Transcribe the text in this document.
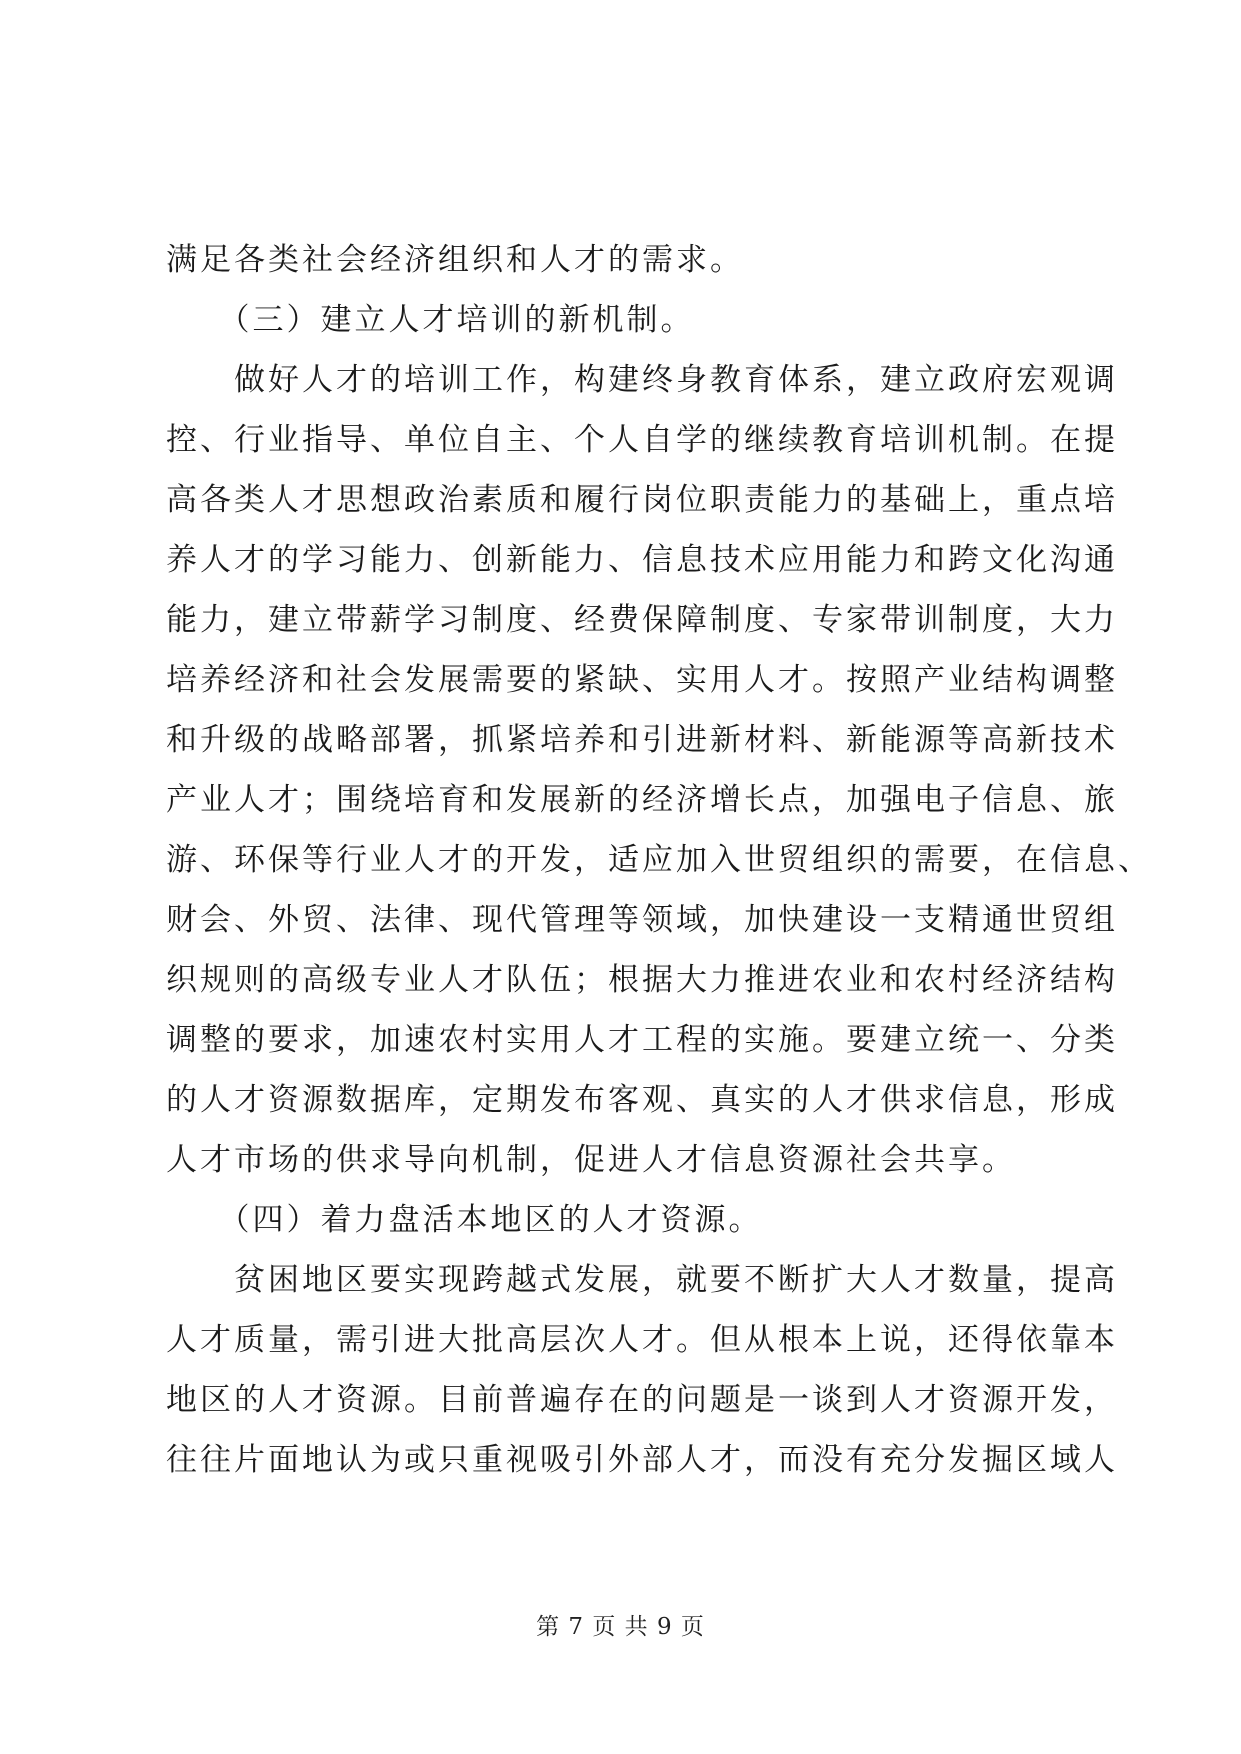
满足各类社会经济组织和人才的需求。
　　（三）建立人才培训的新机制。
　　做好人才的培训工作，构建终身教育体系，建立政府宏观调
控、行业指导、单位自主、个人自学的继续教育培训机制。在提
高各类人才思想政治素质和履行岗位职责能力的基础上，重点培
养人才的学习能力、创新能力、信息技术应用能力和跨文化沟通
能力，建立带薪学习制度、经费保障制度、专家带训制度，大力
培养经济和社会发展需要的紧缺、实用人才。按照产业结构调整
和升级的战略部署，抓紧培养和引进新材料、新能源等高新技术
产业人才；围绕培育和发展新的经济增长点，加强电子信息、旅
游、环保等行业人才的开发，适应加入世贸组织的需要，在信息、
财会、外贸、法律、现代管理等领域，加快建设一支精通世贸组
织规则的高级专业人才队伍；根据大力推进农业和农村经济结构
调整的要求，加速农村实用人才工程的实施。要建立统一、分类
的人才资源数据库，定期发布客观、真实的人才供求信息，形成
人才市场的供求导向机制，促进人才信息资源社会共享。
　　（四）着力盘活本地区的人才资源。
　　贫困地区要实现跨越式发展，就要不断扩大人才数量，提高
人才质量，需引进大批高层次人才。但从根本上说，还得依靠本
地区的人才资源。目前普遍存在的问题是一谈到人才资源开发，
往往片面地认为或只重视吸引外部人才，而没有充分发掘区域人
第 7 页 共 9 页
